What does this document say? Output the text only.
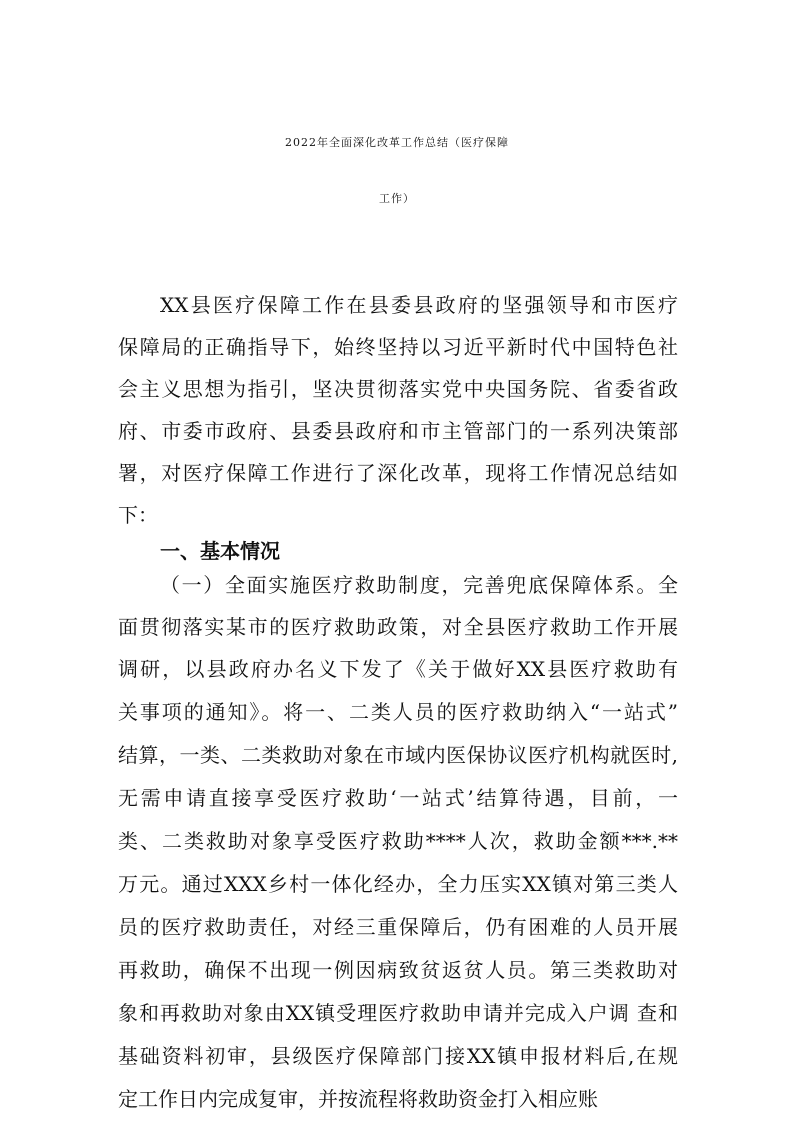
2022年全面深化改革工作总结（医疗保障
工作）
XX县医疗保障工作在县委县政府的坚强领导和市医疗
保障局的正确指导下，始终坚持以习近平新时代中国特色社
会主义思想为指引，坚决贯彻落实党中央国务院、省委省政
府、市委市政府、县委县政府和市主管部门的一系列决策部
署，对医疗保障工作进行了深化改革，现将工作情况总结如
下：
一、基本情况
（一）全面实施医疗救助制度，完善兜底保障体系。全
面贯彻落实某市的医疗救助政策，对全县医疗救助工作开展
调研，以县政府办名义下发了《关于做好XX县医疗救助有
关事项的通知》。将一、二类人员的医疗救助纳入“一站式”
结算，一类、二类救助对象在市域内医保协议医疗机构就医时,
无需申请直接享受医疗救助‘一站式’结算待遇，目前，一
类、二类救助对象享受医疗救助****人次，救助金额***.**
万元。通过XXX乡村一体化经办，全力压实XX镇对第三类人
员的医疗救助责任，对经三重保障后，仍有困难的人员开展
再救助，确保不出现一例因病致贫返贫人员。第三类救助对
象和再救助对象由XX镇受理医疗救助申请并完成入户调 查和
基础资料初审，县级医疗保障部门接XX镇申报材料后,在规
定工作日内完成复审，并按流程将救助资金打入相应账
